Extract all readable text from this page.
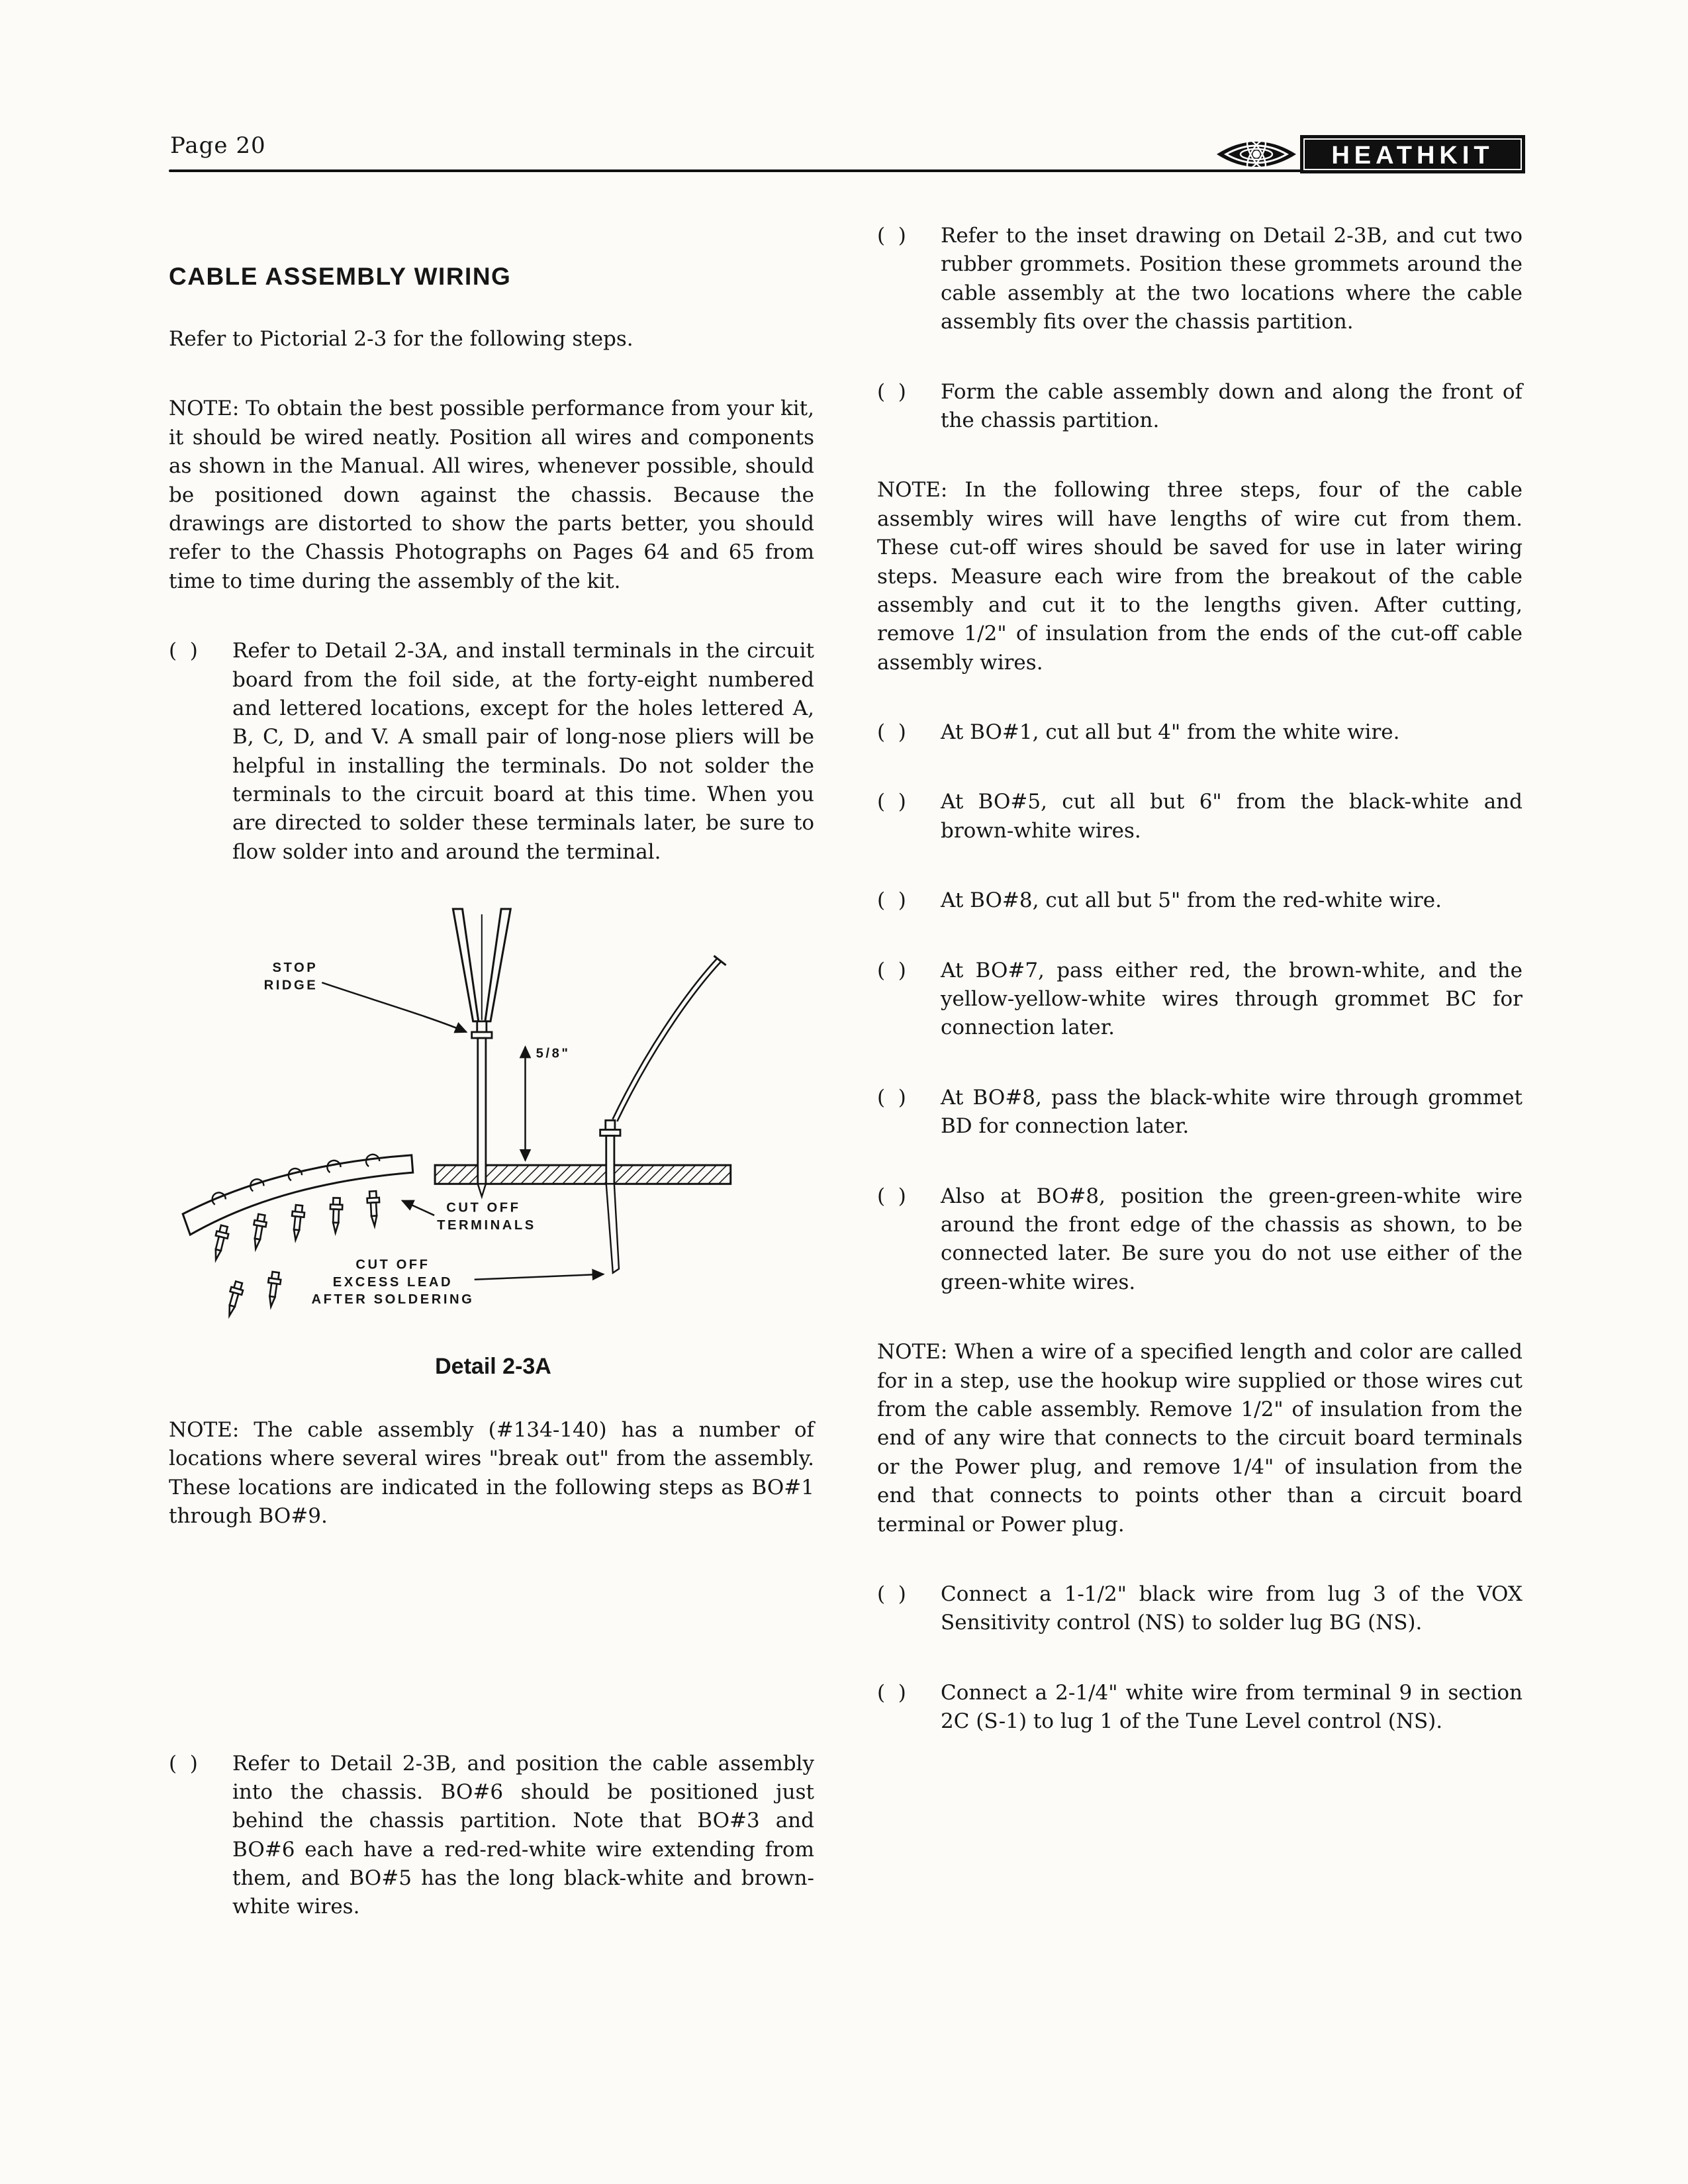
Page 20	HEATHKIT
CABLE ASSEMBLY WIRING

Refer to Pictorial 2-3 for the following steps.

NOTE: To obtain the best possible performance from your kit, it should be wired neatly. Position all wires and components as shown in the Manual. All wires, whenever possible, should be positioned down against the chassis. Because the drawings are distorted to show the parts better, you should refer to the Chassis Photographs on Pages 64 and 65 from time to time during the assembly of the kit.

(  )	Refer to Detail 2-3A, and install terminals in the circuit board from the foil side, at the forty-eight numbered and lettered locations, except for the holes lettered A, B, C, D, and V. A small pair of long-nose pliers will be helpful in installing the terminals. Do not solder the terminals to the circuit board at this time. When you are directed to solder these terminals later, be sure to flow solder into and around the terminal.

5/8"
STOP
RIDGE
CUT OFF
TERMINALS
CUT OFF
EXCESS LEAD
AFTER SOLDERING
Detail 2-3A

NOTE: The cable assembly (#134-140) has a number of locations where several wires "break out" from the assembly. These locations are indicated in the following steps as BO#1 through BO#9.

(  )	Refer to Detail 2-3B, and position the cable assembly into the chassis. BO#6 should be positioned just behind the chassis partition. Note that BO#3 and BO#6 each have a red-red-white wire extending from them, and BO#5 has the long black-white and brown-white wires.

(  )	Refer to the inset drawing on Detail 2-3B, and cut two rubber grommets. Position these grommets around the cable assembly at the two locations where the cable assembly fits over the chassis partition.

(  )	Form the cable assembly down and along the front of the chassis partition.

NOTE: In the following three steps, four of the cable assembly wires will have lengths of wire cut from them. These cut-off wires should be saved for use in later wiring steps. Measure each wire from the breakout of the cable assembly and cut it to the lengths given. After cutting, remove 1/2" of insulation from the ends of the cut-off cable assembly wires.

(  )	At BO#1, cut all but 4" from the white wire.

(  )	At BO#5, cut all but 6" from the black-white and brown-white wires.

(  )	At BO#8, cut all but 5" from the red-white wire.

(  )	At BO#7, pass either red, the brown-white, and the yellow-yellow-white wires through grommet BC for connection later.

(  )	At BO#8, pass the black-white wire through grommet BD for connection later.

(  )	Also at BO#8, position the green-green-white wire around the front edge of the chassis as shown, to be connected later. Be sure you do not use either of the green-white wires.

NOTE: When a wire of a specified length and color are called for in a step, use the hookup wire supplied or those wires cut from the cable assembly. Remove 1/2" of insulation from the end of any wire that connects to the circuit board terminals or the Power plug, and remove 1/4" of insulation from the end that connects to points other than a circuit board terminal or Power plug.

(  )	Connect a 1-1/2" black wire from lug 3 of the VOX Sensitivity control (NS) to solder lug BG (NS).

(  )	Connect a 2-1/4" white wire from terminal 9 in section 2C (S-1) to lug 1 of the Tune Level control (NS).
